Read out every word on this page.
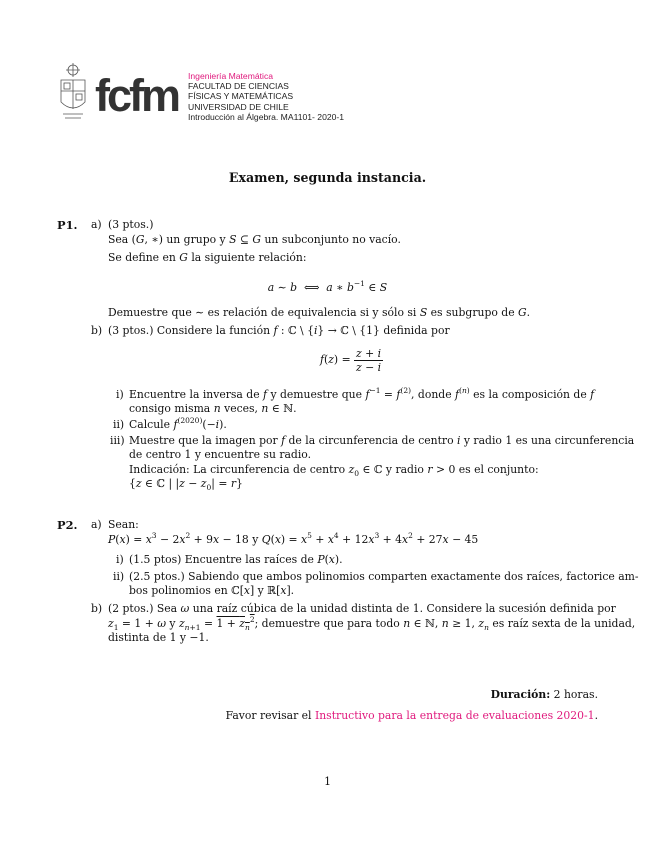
fcfm Ingeniería Matemática
FACULTAD DE CIENCIAS
FÍSICAS Y MATEMÁTICAS
UNIVERSIDAD DE CHILE
Introducción al Álgebra. MA1101- 2020-1
Examen, segunda instancia.
P1. a) (3 ptos.)
Sea (G, ∗) un grupo y S ⊆ G un subconjunto no vacío.
Se define en G la siguiente relación:
a ∼ b  ⟺  a ∗ $b^{-1}$ ∈ S
Demuestre que ∼ es relación de equivalencia si y sólo si S es subgrupo de G.
b) (3 ptos.) Considere la función f : ℂ \ {i} → ℂ \ {1} definida por
$f(z) = \frac{z + i}{z - i}$
i) Encuentre la inversa de f y demuestre que $f^{-1} = f^{(2)}$, donde $f^{(n)}$ es la composición de f
consigo misma n veces, n ∈ ℕ.
ii) Calcule $f^{(2020)}(-i)$.
iii) Muestre que la imagen por f de la circunferencia de centro i y radio 1 es una circunferencia
de centro 1 y encuentre su radio.
Indicación: La circunferencia de centro $z_0$ ∈ ℂ y radio r > 0 es el conjunto:
{z ∈ ℂ | $|z - z_0| = r$}
P2. a) Sean:
$P(x) = x^3 - 2x^2 + 9x - 18$ y $Q(x) = x^5 + x^4 + 12x^3 + 4x^2 + 27x - 45$
i) (1.5 ptos) Encuentre las raíces de P(x).
ii) (2.5 ptos.) Sabiendo que ambos polinomios comparten exactamente dos raíces, factorice am-
bos polinomios en ℂ[x] y ℝ[x].
b) (2 ptos.) Sea ω una raíz cúbica de la unidad distinta de 1. Considere la sucesión definida por
$z_1 = 1 + \omega$ y $z_{n+1} = 1 + z_n^2$; demuestre que para todo n ∈ ℕ, n ≥ 1, $z_n$ es raíz sexta de la unidad,
distinta de 1 y −1.
Duración: 2 horas.
Favor revisar el Instructivo para la entrega de evaluaciones 2020-1.
1
